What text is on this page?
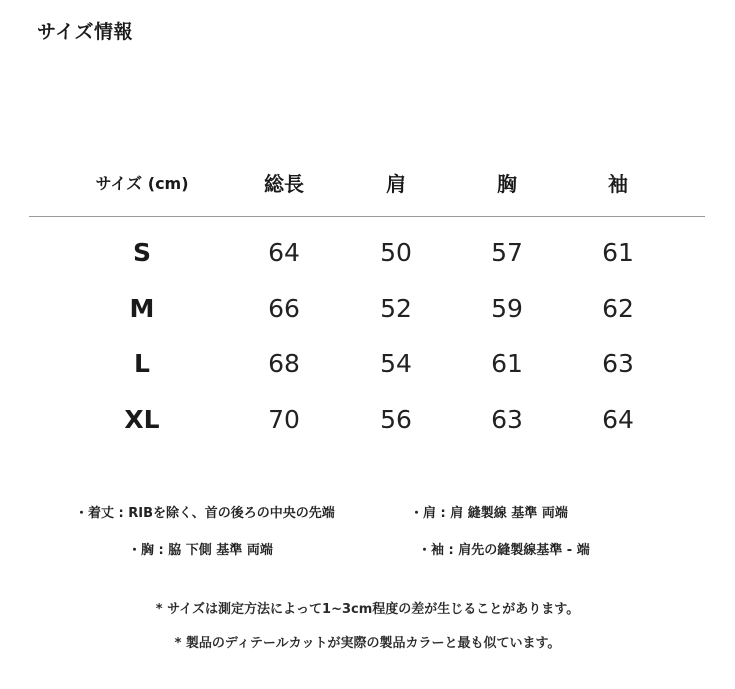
サイズ情報
サイズ (cm)	総長	肩	胸	袖
S	64	50	57	61
M	66	52	59	62
L	68	54	61	63
XL	70	56	63	64
・着丈 : RIBを除く、首の後ろの中央の先端	・肩 : 肩 縫製線 基準 両端
・胸 : 脇 下側 基準 両端	・袖 : 肩先の縫製線基準 - 端
* サイズは測定方法によって1~3cm程度の差が生じることがあります。
* 製品のディテールカットが実際の製品カラーと最も似ています。
